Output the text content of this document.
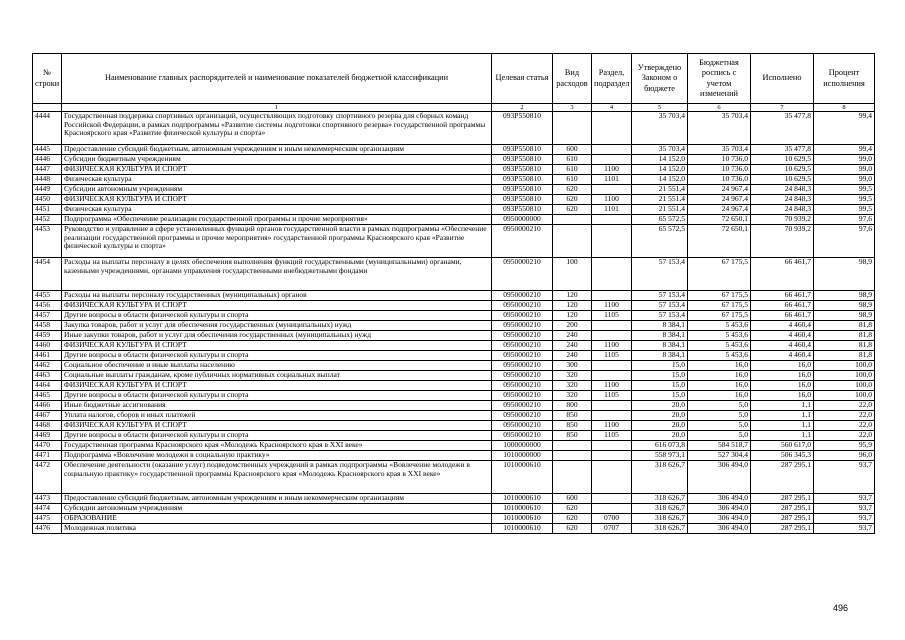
№ строки	Наименование главных распорядителей и наименование показателей бюджетной классификации	Целевая статья	Вид расходов	Раздел, подраздел	Утверждено Законом о бюджете	Бюджетная роспись с учетом изменений	Исполнено	Процент исполнения
	1	2	3	4	5	6	7	8
4444	Государственная поддержка спортивных организаций, осуществляющих подготовку спортивного резерва для сборных команд Российской Федерации, в рамках подпрограммы «Развитие системы подготовки спортивного резерва» государственной программы Красноярского края «Развитие физической культуры и спорта»	093P550810			35 703,4	35 703,4	35 477,8	99,4
4445	Предоставление субсидий бюджетным, автономным учреждениям и иным некоммерческим организациям	093P550810	600		35 703,4	35 703,4	35 477,8	99,4
4446	Субсидии бюджетным учреждениям	093P550810	610		14 152,0	10 736,0	10 629,5	99,0
4447	ФИЗИЧЕСКАЯ КУЛЬТУРА И СПОРТ	093P550810	610	1100	14 152,0	10 736,0	10 629,5	99,0
4448	Физическая культура	093P550810	610	1101	14 152,0	10 736,0	10 629,5	99,0
4449	Субсидии автономным учреждениям	093P550810	620		21 551,4	24 967,4	24 848,3	99,5
4450	ФИЗИЧЕСКАЯ КУЛЬТУРА И СПОРТ	093P550810	620	1100	21 551,4	24 967,4	24 848,3	99,5
4451	Физическая культура	093P550810	620	1101	21 551,4	24 967,4	24 848,3	99,5
4452	Подпрограмма «Обеспечение реализации государственной программы и прочие мероприятия»	0950000000			65 572,5	72 650,1	70 939,2	97,6
4453	Руководство и управление в сфере установленных функций органов государственной власти в рамках подпрограммы «Обеспечение реализации государственной программы и прочие мероприятия» государственной программы Красноярского края «Развитие физической культуры и спорта»	0950000210			65 572,5	72 650,1	70 939,2	97,6
4454	Расходы на выплаты персоналу в целях обеспечения выполнения функций государственными (муниципальными) органами, казенными учреждениями, органами управления государственными внебюджетными фондами	0950000210	100		57 153,4	67 175,5	66 461,7	98,9
4455	Расходы на выплаты персоналу государственных (муниципальных) органов	0950000210	120		57 153,4	67 175,5	66 461,7	98,9
4456	ФИЗИЧЕСКАЯ КУЛЬТУРА И СПОРТ	0950000210	120	1100	57 153,4	67 175,5	66 461,7	98,9
4457	Другие вопросы в области физической культуры и спорта	0950000210	120	1105	57 153,4	67 175,5	66 461,7	98,9
4458	Закупка товаров, работ и услуг для обеспечения государственных (муниципальных) нужд	0950000210	200		8 384,1	5 453,6	4 460,4	81,8
4459	Иные закупки товаров, работ и услуг для обеспечения государственных (муниципальных) нужд	0950000210	240		8 384,1	5 453,6	4 460,4	81,8
4460	ФИЗИЧЕСКАЯ КУЛЬТУРА И СПОРТ	0950000210	240	1100	8 384,1	5 453,6	4 460,4	81,8
4461	Другие вопросы в области физической культуры и спорта	0950000210	240	1105	8 384,1	5 453,6	4 460,4	81,8
4462	Социальное обеспечение и иные выплаты населению	0950000210	300		15,0	16,0	16,0	100,0
4463	Социальные выплаты гражданам, кроме публичных нормативных социальных выплат	0950000210	320		15,0	16,0	16,0	100,0
4464	ФИЗИЧЕСКАЯ КУЛЬТУРА И СПОРТ	0950000210	320	1100	15,0	16,0	16,0	100,0
4465	Другие вопросы в области физической культуры и спорта	0950000210	320	1105	15,0	16,0	16,0	100,0
4466	Иные бюджетные ассигнования	0950000210	800		20,0	5,0	1,1	22,0
4467	Уплата налогов, сборов и иных платежей	0950000210	850		20,0	5,0	1,1	22,0
4468	ФИЗИЧЕСКАЯ КУЛЬТУРА И СПОРТ	0950000210	850	1100	20,0	5,0	1,1	22,0
4469	Другие вопросы в области физической культуры и спорта	0950000210	850	1105	20,0	5,0	1,1	22,0
4470	Государственная программа Красноярского края «Молодежь Красноярского края в XXI веке»	1000000000			616 073,8	584 518,7	560 617,0	95,9
4471	Подпрограмма «Вовлечение молодежи в социальную практику»	1010000000			558 973,1	527 304,4	506 345,3	96,0
4472	Обеспечение деятельности (оказание услуг) подведомственных учреждений в рамках подпрограммы «Вовлечение молодежи в социальную практику» государственной программы Красноярского края «Молодежь Красноярского края в XXI веке»	1010000610			318 626,7	306 494,0	287 295,1	93,7
4473	Предоставление субсидий бюджетным, автономным учреждениям и иным некоммерческим организациям	1010000610	600		318 626,7	306 494,0	287 295,1	93,7
4474	Субсидии автономным учреждениям	1010000610	620		318 626,7	306 494,0	287 295,1	93,7
4475	ОБРАЗОВАНИЕ	1010000610	620	0700	318 626,7	306 494,0	287 295,1	93,7
4476	Молодежная политика	1010000610	620	0707	318 626,7	306 494,0	287 295,1	93,7
496
